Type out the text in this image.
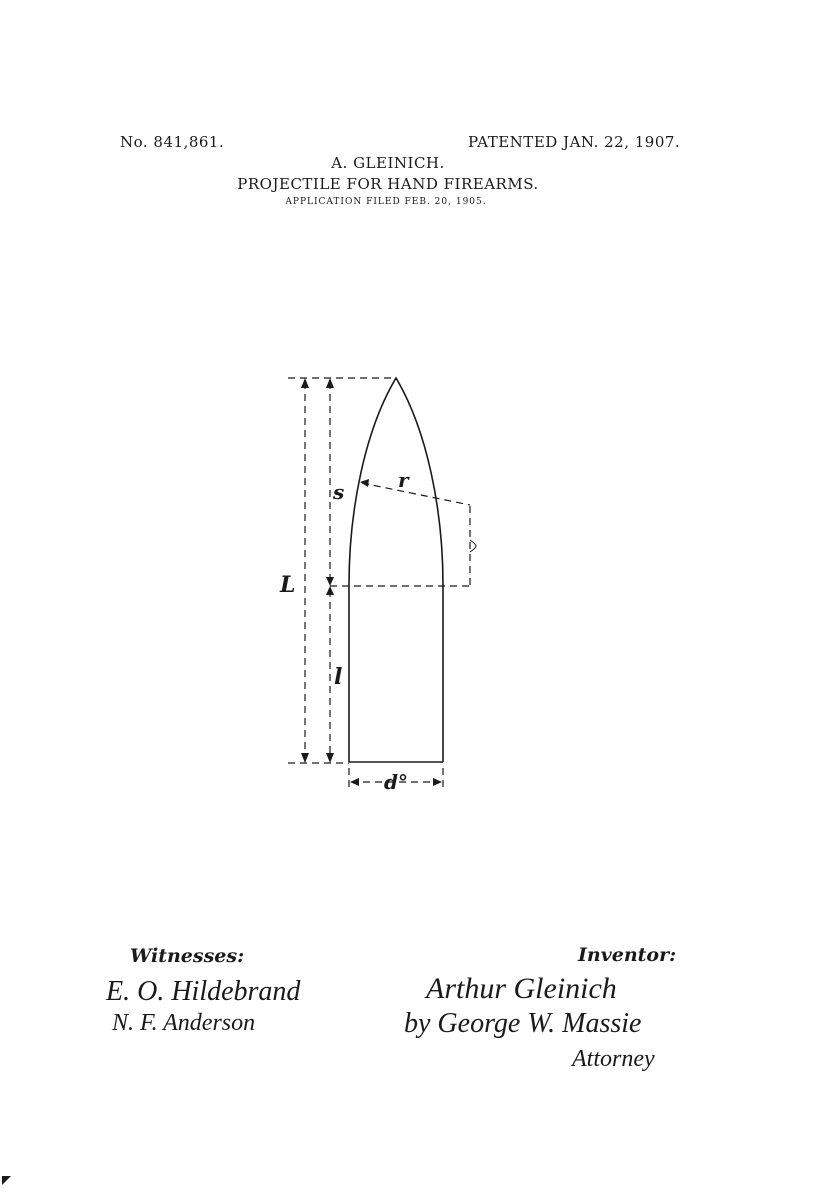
No. 841,861.	PATENTED JAN. 22, 1907.
A. GLEINICH.
PROJECTILE FOR HAND FIREARMS.
APPLICATION FILED FEB. 20, 1905.
L
s	r
l
d°
Witnesses:	Inventor:
E. O. Hildebrand
N. F. Anderson
Arthur Gleinich
by George W. Massie
Attorney
